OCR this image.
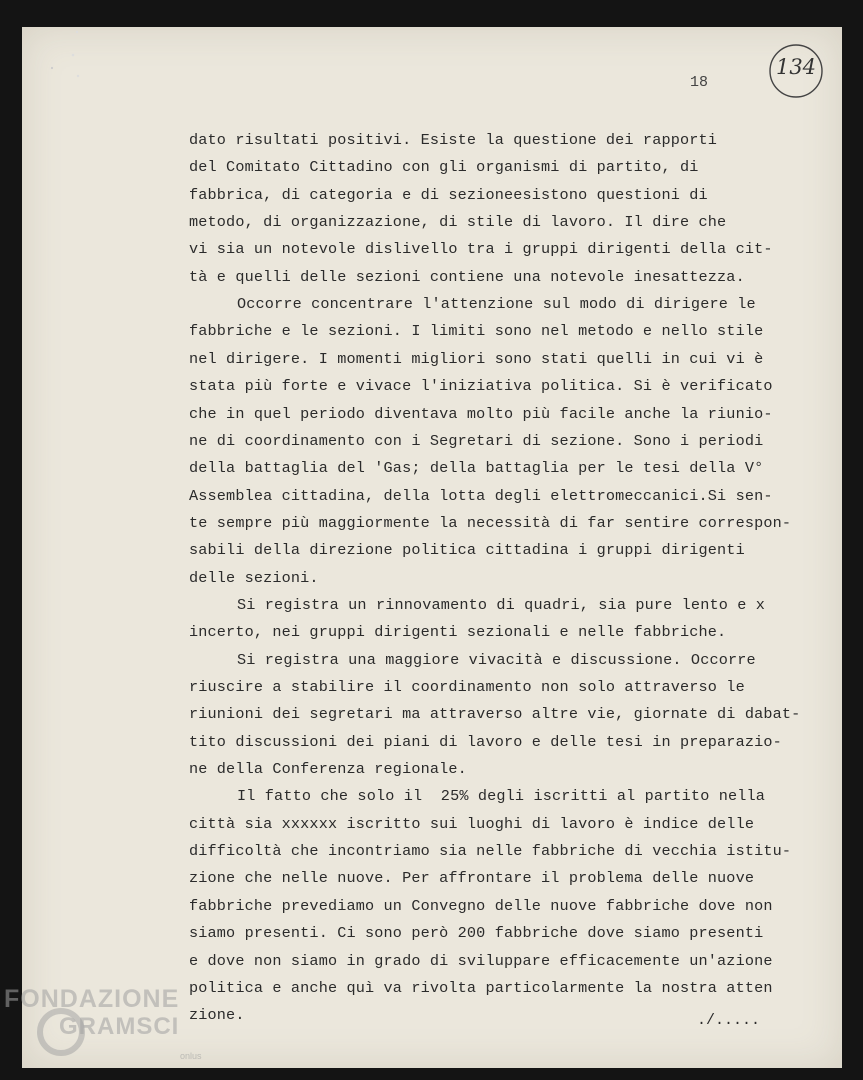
18
134
dato risultati positivi. Esiste la questione dei rapporti
del Comitato Cittadino con gli organismi di partito, di
fabbrica, di categoria e di sezioneesistono questioni di
metodo, di organizzazione, di stile di lavoro. Il dire che
vi sia un notevole dislivello tra i gruppi dirigenti della cit-
tà e quelli delle sezioni contiene una notevole inesattezza.
Occorre concentrare l'attenzione sul modo di dirigere le
fabbriche e le sezioni. I limiti sono nel metodo e nello stile
nel dirigere. I momenti migliori sono stati quelli in cui vi è
stata più forte e vivace l'iniziativa politica. Si è verificato
che in quel periodo diventava molto più facile anche la riunio-
ne di coordinamento con i Segretari di sezione. Sono i periodi
della battaglia del 'Gas; della battaglia per le tesi della V°
Assemblea cittadina, della lotta degli elettromeccanici.Si sen-
te sempre più maggiormente la necessità di far sentire correspon-
sabili della direzione politica cittadina i gruppi dirigenti
delle sezioni.
Si registra un rinnovamento di quadri, sia pure lento e x
incerto, nei gruppi dirigenti sezionali e nelle fabbriche.
Si registra una maggiore vivacità e discussione. Occorre
riuscire a stabilire il coordinamento non solo attraverso le
riunioni dei segretari ma attraverso altre vie, giornate di dabat-
tito discussioni dei piani di lavoro e delle tesi in preparazio-
ne della Conferenza regionale.
Il fatto che solo il  25% degli iscritti al partito nella
città sia xxxxxx iscritto sui luoghi di lavoro è indice delle
difficoltà che incontriamo sia nelle fabbriche di vecchia istitu-
zione che nelle nuove. Per affrontare il problema delle nuove
fabbriche prevediamo un Convegno delle nuove fabbriche dove non
siamo presenti. Ci sono però 200 fabbriche dove siamo presenti
e dove non siamo in grado di sviluppare efficacemente un'azione
politica e anche quì va rivolta particolarmente la nostra atten
zione.	./.....
FONDAZIONE
GRAMSCI
onlus
